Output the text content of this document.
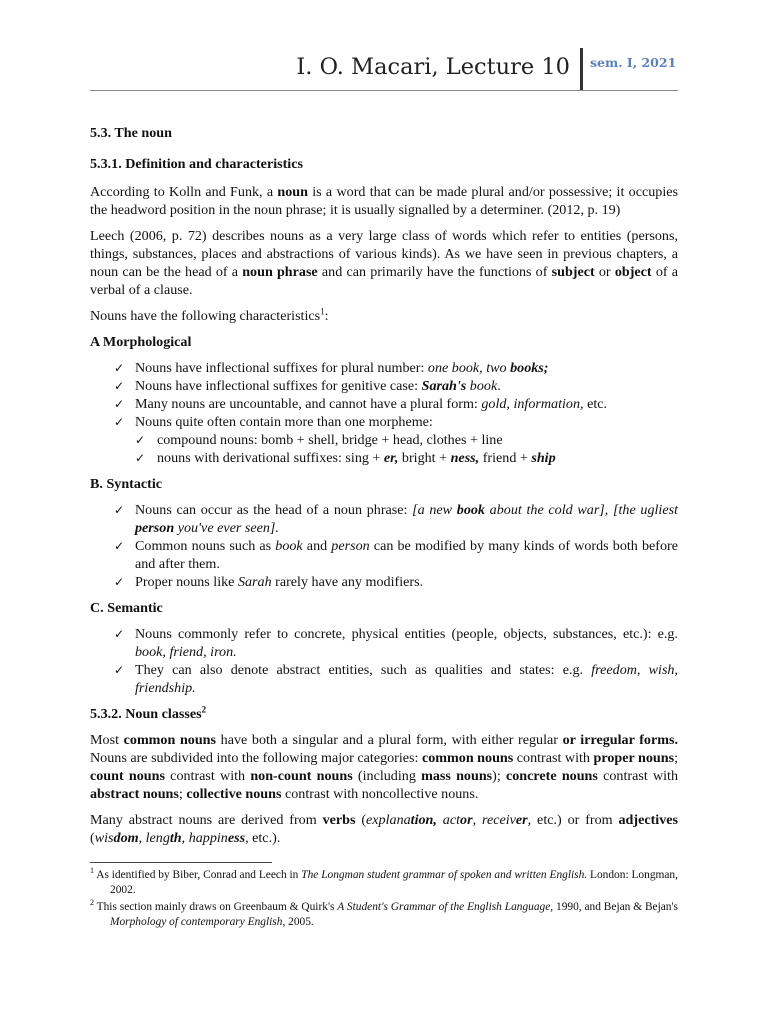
I. O. Macari, Lecture 10 sem. I, 2021

5.3. The noun

5.3.1. Definition and characteristics

According to Kolln and Funk, a noun is a word that can be made plural and/or possessive; it occupies the headword position in the noun phrase; it is usually signalled by a determiner. (2012, p. 19)

Leech (2006, p. 72) describes nouns as a very large class of words which refer to entities (persons, things, substances, places and abstractions of various kinds). As we have seen in previous chapters, a noun can be the head of a noun phrase and can primarily have the functions of subject or object of a verbal of a clause.

Nouns have the following characteristics$^1$:

A Morphological

✓ Nouns have inflectional suffixes for plural number: one book, two books;
✓ Nouns have inflectional suffixes for genitive case: Sarah's book.
✓ Many nouns are uncountable, and cannot have a plural form: gold, information, etc.
✓ Nouns quite often contain more than one morpheme:
✓ compound nouns: bomb + shell, bridge + head, clothes + line
✓ nouns with derivational suffixes: sing + er, bright + ness, friend + ship

B. Syntactic

✓ Nouns can occur as the head of a noun phrase: [a new book about the cold war], [the ugliest person you've ever seen].
✓ Common nouns such as book and person can be modified by many kinds of words both before and after them.
✓ Proper nouns like Sarah rarely have any modifiers.

C. Semantic

✓ Nouns commonly refer to concrete, physical entities (people, objects, substances, etc.): e.g. book, friend, iron.
✓ They can also denote abstract entities, such as qualities and states: e.g. freedom, wish, friendship.

5.3.2. Noun classes$^2$

Most common nouns have both a singular and a plural form, with either regular or irregular forms. Nouns are subdivided into the following major categories: common nouns contrast with proper nouns; count nouns contrast with non-count nouns (including mass nouns); concrete nouns contrast with abstract nouns; collective nouns contrast with noncollective nouns.

Many abstract nouns are derived from verbs (explanation, actor, receiver, etc.) or from adjectives (wisdom, length, happiness, etc.).

$^1$ As identified by Biber, Conrad and Leech in The Longman student grammar of spoken and written English. London: Longman, 2002.

$^2$ This section mainly draws on Greenbaum & Quirk's A Student's Grammar of the English Language, 1990, and Bejan & Bejan's Morphology of contemporary English, 2005.
